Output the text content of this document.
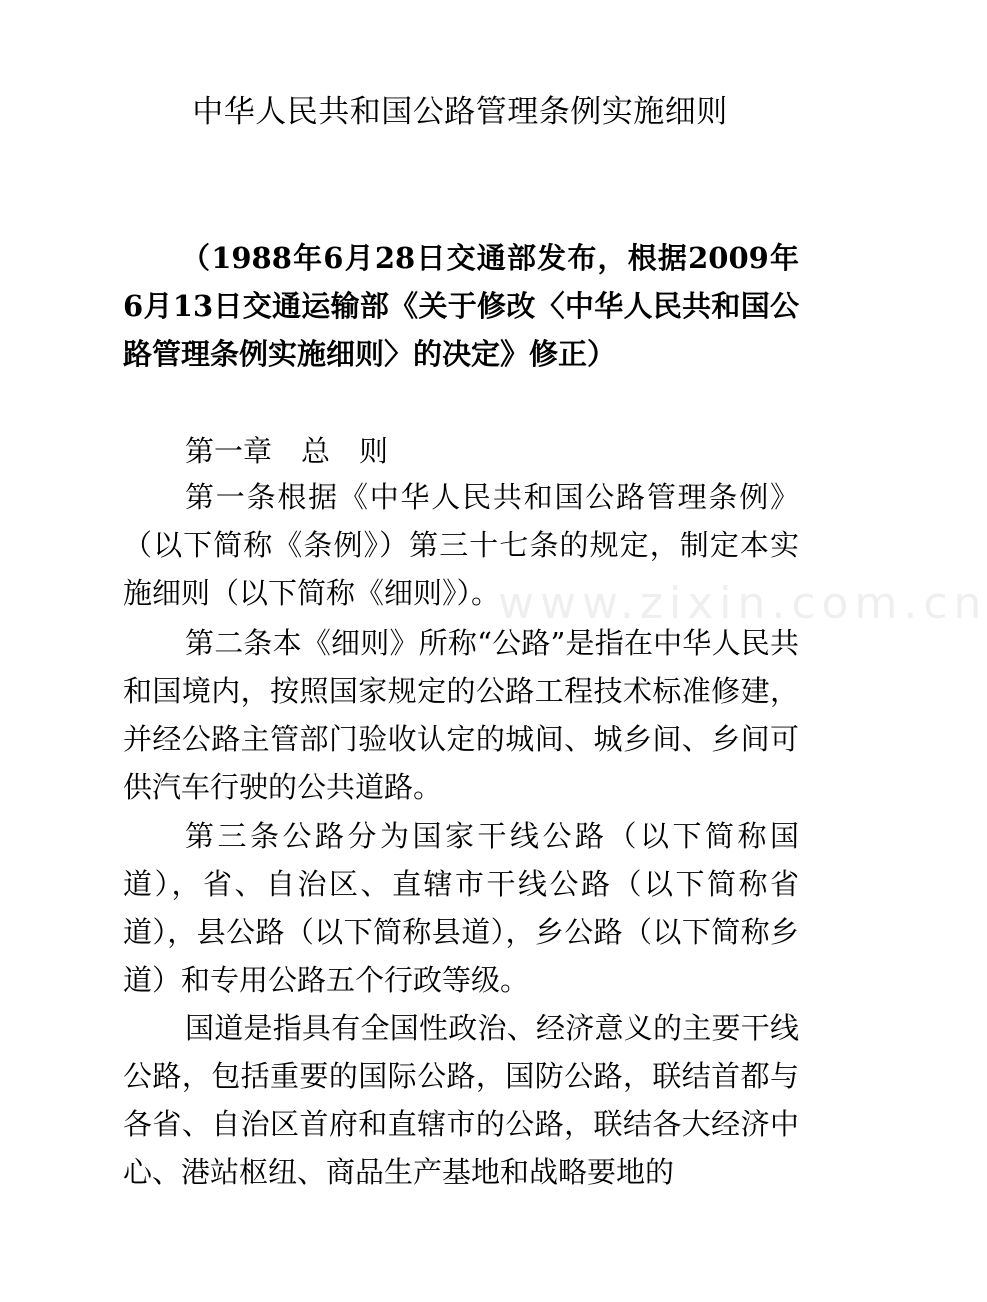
中华人民共和国公路管理条例实施细则

（1988年6月28日交通部发布，根据2009年6月13日交通运输部《关于修改〈中华人民共和国公路管理条例实施细则〉的决定》修正）

第一章　总　则

第一条根据《中华人民共和国公路管理条例》（以下简称《条例》）第三十七条的规定，制定本实施细则（以下简称《细则》）。

第二条本《细则》所称“公路”是指在中华人民共和国境内，按照国家规定的公路工程技术标准修建，并经公路主管部门验收认定的城间、城乡间、乡间可供汽车行驶的公共道路。

第三条公路分为国家干线公路（以下简称国道），省、自治区、直辖市干线公路（以下简称省道），县公路（以下简称县道），乡公路（以下简称乡道）和专用公路五个行政等级。

国道是指具有全国性政治、经济意义的主要干线公路，包括重要的国际公路，国防公路，联结首都与各省、自治区首府和直辖市的公路，联结各大经济中心、港站枢纽、商品生产基地和战略要地的

www.zixin.com.cn
